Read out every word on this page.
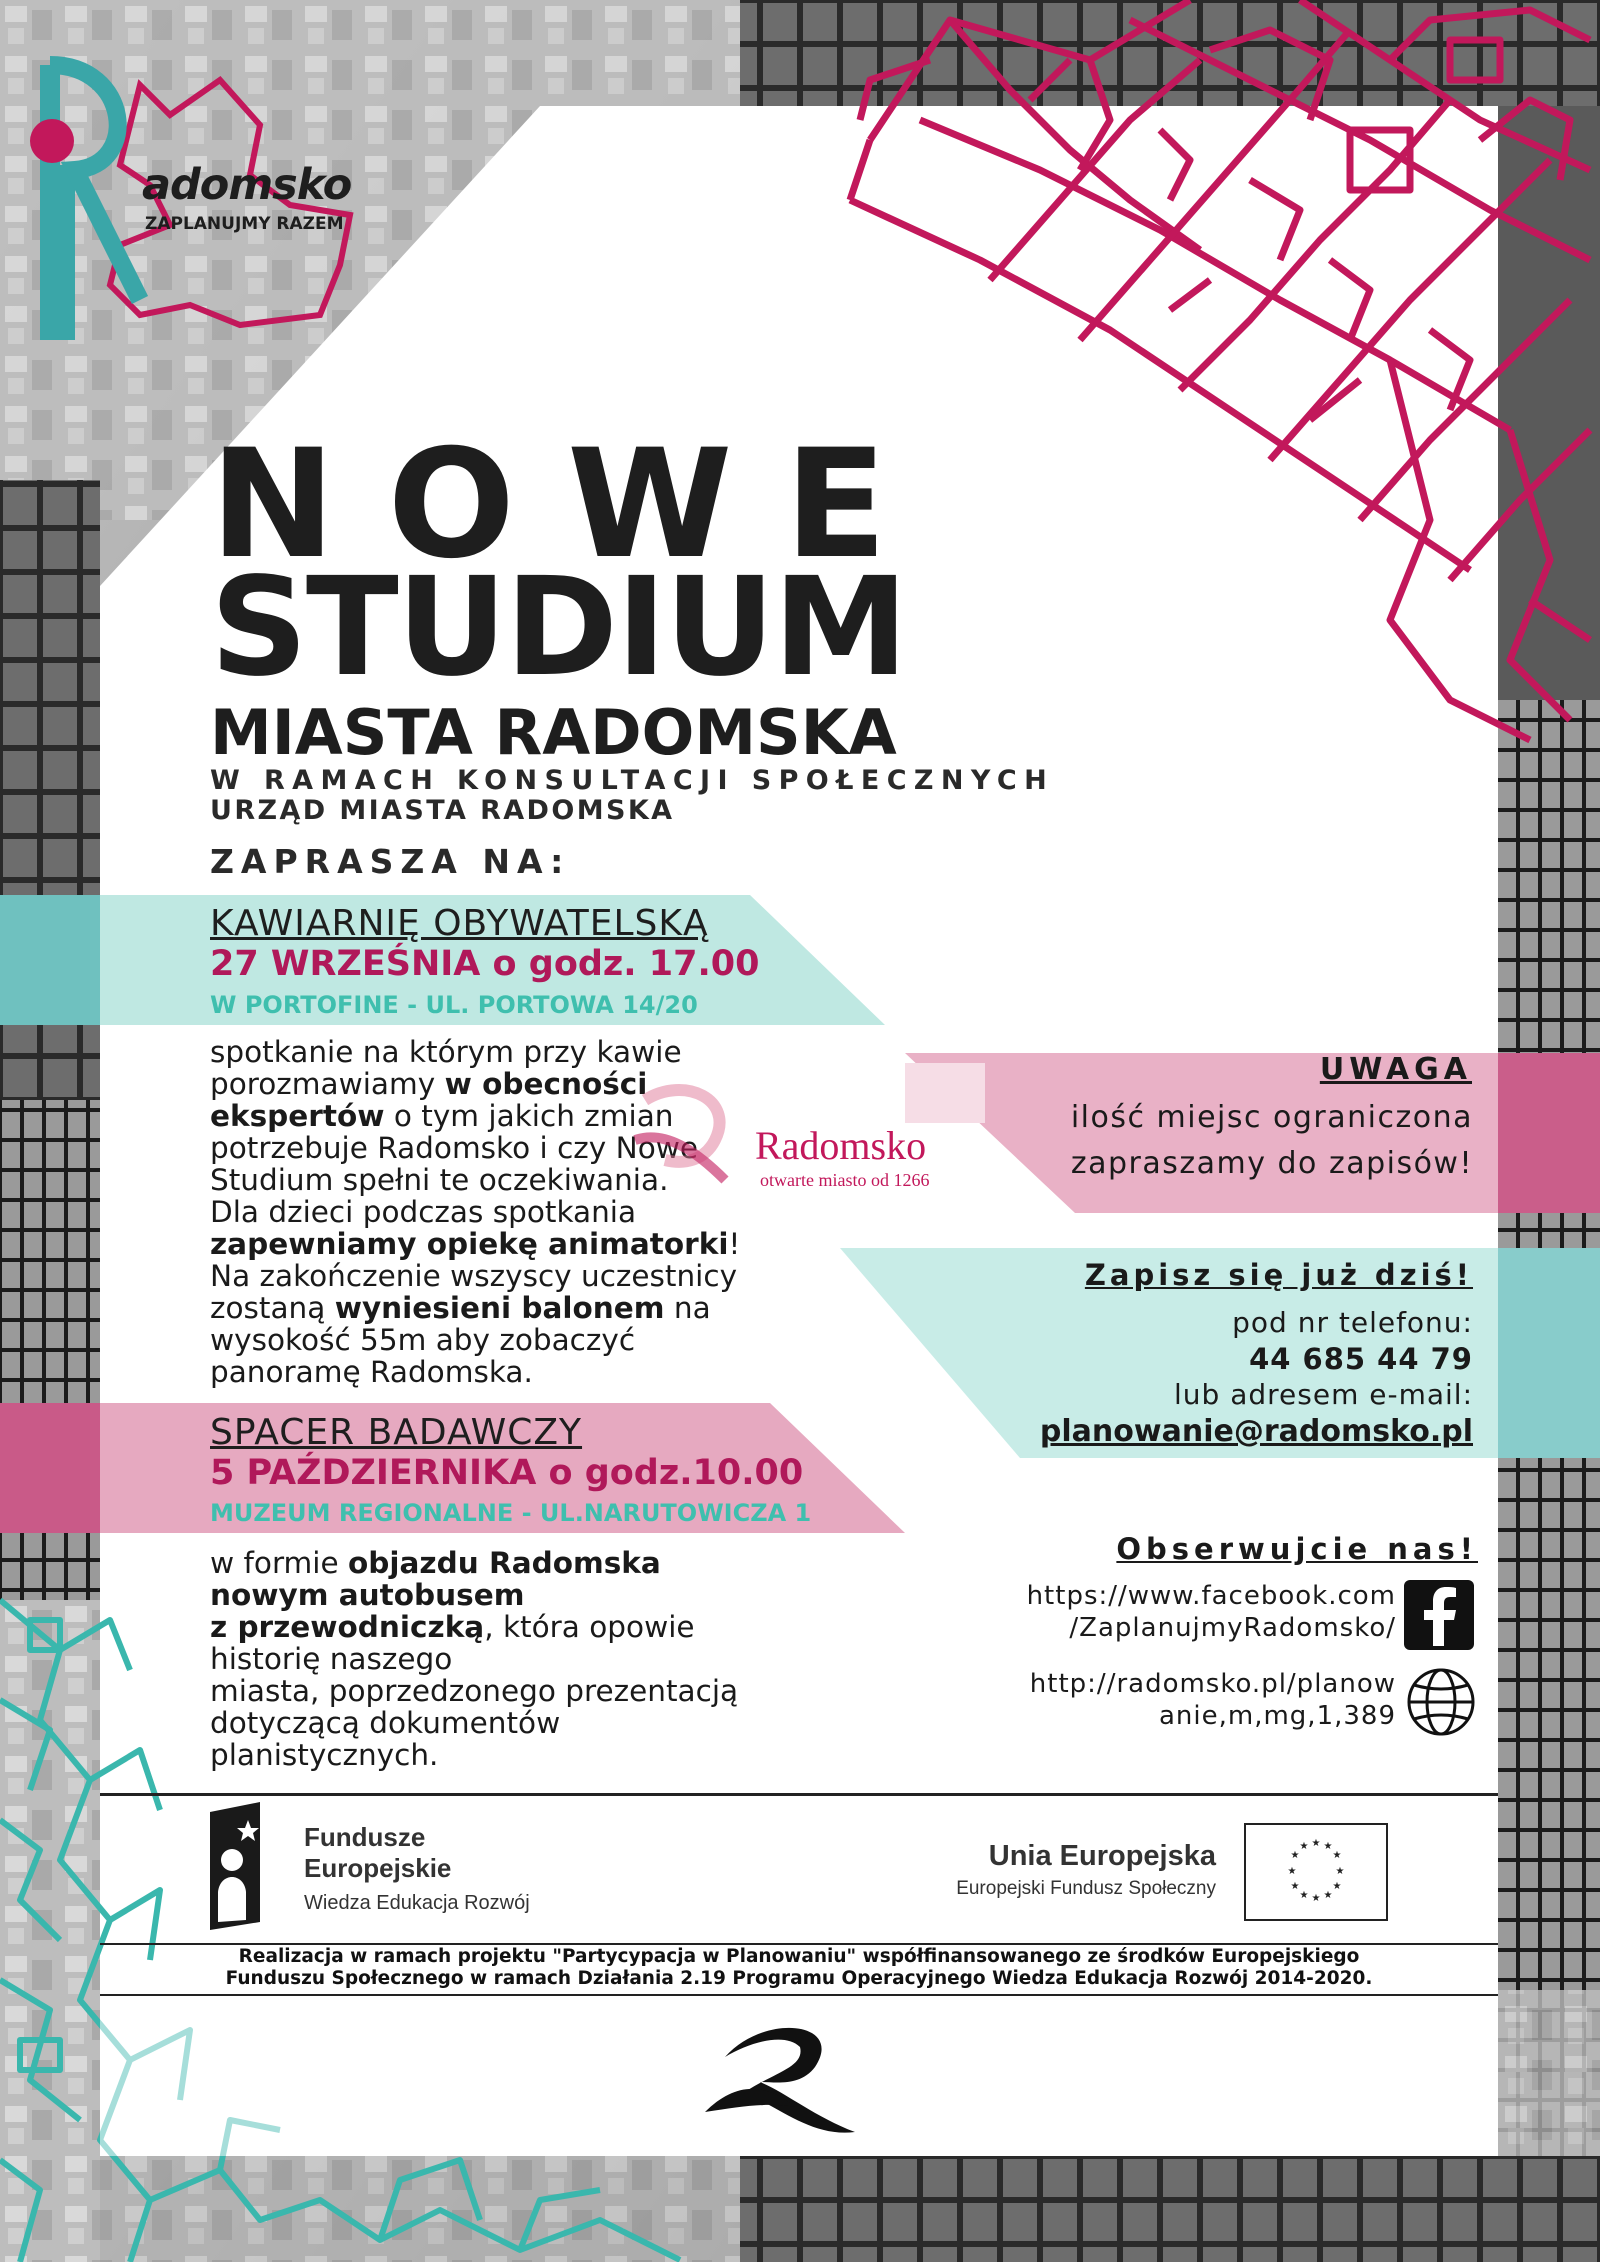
adomsko
ZAPLANUJMY RAZEM
NOWE
STUDIUM
MIASTA RADOMSKA
W RAMACH KONSULTACJI SPOŁECZNYCH
URZĄD MIASTA RADOMSKA
ZAPRASZA NA:
KAWIARNIĘ OBYWATELSKĄ
27 WRZEŚNIA o godz. 17.00
W PORTOFINE - UL. PORTOWA 14/20
spotkanie na którym przy kawie
porozmawiamy w obecności
ekspertów o tym jakich zmian
potrzebuje Radomsko i czy Nowe
Studium spełni te oczekiwania.
Dla dzieci podczas spotkania
zapewniamy opiekę animatorki!
Na zakończenie wszyscy uczestnicy
zostaną wyniesieni balonem na
wysokość 55m aby zobaczyć
panoramę Radomska.
Radomsko
otwarte miasto od 1266
UWAGA
ilość miejsc ograniczona
zapraszamy do zapisów!
Zapisz się już dziś!
pod nr telefonu:
44 685 44 79
lub adresem e-mail:
planowanie@radomsko.pl
SPACER BADAWCZY
5 PAŹDZIERNIKA o godz.10.00
MUZEUM REGIONALNE - UL.NARUTOWICZA 1
w formie objazdu Radomska
nowym autobusem
z przewodniczką, która opowie
historię naszego
miasta, poprzedzonego prezentacją
dotyczącą dokumentów
planistycznych.
Obserwujcie nas!
https://www.facebook.com
/ZaplanujmyRadomsko/
http://radomsko.pl/planow
anie,m,mg,1,389
Fundusze
Europejskie
Wiedza Edukacja Rozwój
Unia Europejska
Europejski Fundusz Społeczny
★ ★
★
★
★
★
★
★
★
★
★
★
Realizacja w ramach projektu "Partycypacja w Planowaniu" współfinansowanego ze środków Europejskiego
Funduszu Społecznego w ramach Działania 2.19 Programu Operacyjnego Wiedza Edukacja Rozwój 2014-2020.
